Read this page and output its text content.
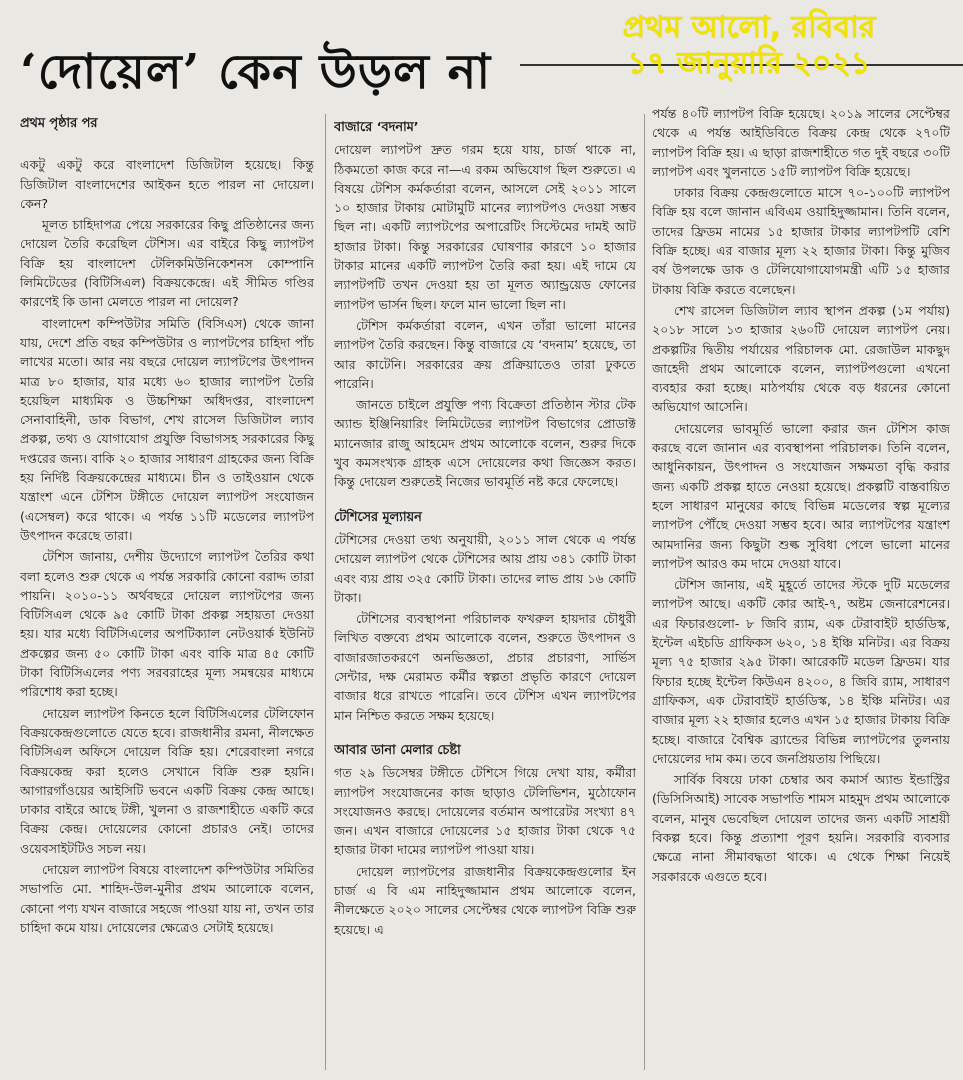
‘দোয়েল’ কেন উড়ল না
প্রথম আলো, রবিবার
১৭ জানুয়ারি ২০২১
প্রথম পৃষ্ঠার পর

একটু একটু করে বাংলাদেশ ডিজিটাল হয়েছে। কিন্তু ডিজিটাল বাংলাদেশের আইকন হতে পারল না দোয়েল। কেন?

মূলত চাহিদাপত্র পেয়ে সরকারের কিছু প্রতিষ্ঠানের জন্য দোয়েল তৈরি করেছিল টেশিস। এর বাইরে কিছু ল্যাপটপ বিক্রি হয় বাংলাদেশ টেলিকমিউনিকেশনস কোম্পানি লিমিটেডের (বিটিসিএল) বিক্রয়কেন্দ্রে। এই সীমিত গণ্ডির কারণেই কি ডানা মেলতে পারল না দোয়েল?

বাংলাদেশ কম্পিউটার সমিতি (বিসিএস) থেকে জানা যায়, দেশে প্রতি বছর কম্পিউটার ও ল্যাপটপের চাহিদা পাঁচ লাখের মতো। আর নয় বছরে দোয়েল ল্যাপটপের উৎপাদন মাত্র ৮০ হাজার, যার মধ্যে ৬০ হাজার ল্যাপটপ তৈরি হয়েছিল মাধ্যমিক ও উচ্চশিক্ষা অধিদপ্তর, বাংলাদেশ সেনাবাহিনী, ডাক বিভাগ, শেখ রাসেল ডিজিটাল ল্যাব প্রকল্প, তথ্য ও যোগাযোগ প্রযুক্তি বিভাগসহ সরকারের কিছু দপ্তরের জন্য। বাকি ২০ হাজার সাধারণ গ্রাহকের জন্য বিক্রি হয় নির্দিষ্ট বিক্রয়কেন্দ্রের মাধ্যমে। চীন ও তাইওয়ান থেকে যন্ত্রাংশ এনে টেশিস টঙ্গীতে দোয়েল ল্যাপটপ সংযোজন (এসেম্বল) করে থাকে। এ পর্যন্ত ১১টি মডেলের ল্যাপটপ উৎপাদন করেছে তারা।

টেশিস জানায়, দেশীয় উদ্যোগে ল্যাপটপ তৈরির কথা বলা হলেও শুরু থেকে এ পর্যন্ত সরকারি কোনো বরাদ্দ তারা পায়নি। ২০১০-১১ অর্থবছরে দোয়েল ল্যাপটপের জন্য বিটিসিএল থেকে ৯৫ কোটি টাকা প্রকল্প সহায়তা দেওয়া হয়। যার মধ্যে বিটিসিএলের অপটিক্যাল নেটওয়ার্ক ইউনিট প্রকল্পের জন্য ৫০ কোটি টাকা এবং বাকি মাত্র ৪৫ কোটি টাকা বিটিসিএলের পণ্য সরবরাহের মূল্য সমন্বয়ের মাধ্যমে পরিশোধ করা হচ্ছে।

দোয়েল ল্যাপটপ কিনতে হলে বিটিসিএলের টেলিফোন বিক্রয়কেন্দ্রগুলোতে যেতে হবে। রাজধানীর রমনা, নীলক্ষেত বিটিসিএল অফিসে দোয়েল বিক্রি হয়। শেরেবাংলা নগরে বিক্রয়কেন্দ্র করা হলেও সেখানে বিক্রি শুরু হয়নি। আগারগাঁওয়ের আইসিটি ভবনে একটি বিক্রয় কেন্দ্র আছে। ঢাকার বাইরে আছে টঙ্গী, খুলনা ও রাজশাহীতে একটি করে বিক্রয় কেন্দ্র। দোয়েলের কোনো প্রচারও নেই। তাদের ওয়েবসাইটটিও সচল নয়।

দোয়েল ল্যাপটপ বিষয়ে বাংলাদেশ কম্পিউটার সমিতির সভাপতি মো. শাহিদ-উল-মুনীর প্রথম আলোকে বলেন, কোনো পণ্য যখন বাজারে সহজে পাওয়া যায় না, তখন তার চাহিদা কমে যায়। দোয়েলের ক্ষেত্রেও সেটাই হয়েছে।

বাজারে ‘বদনাম’

দোয়েল ল্যাপটপ দ্রুত গরম হয়ে যায়, চার্জ থাকে না, ঠিকমতো কাজ করে না—এ রকম অভিযোগ ছিল শুরুতে। এ বিষয়ে টেশিস কর্মকর্তারা বলেন, আসলে সেই ২০১১ সালে ১০ হাজার টাকায় মোটামুটি মানের ল্যাপটপও দেওয়া সম্ভব ছিল না। একটি ল্যাপটপের অপারেটিং সিস্টেমের দামই আট হাজার টাকা। কিন্তু সরকারের ঘোষণার কারণে ১০ হাজার টাকার মানের একটি ল্যাপটপ তৈরি করা হয়। এই দামে যে ল্যাপটপটি তখন দেওয়া হয় তা মূলত অ্যান্ড্রয়েড ফোনের ল্যাপটপ ভার্সন ছিল। ফলে মান ভালো ছিল না।

টেশিস কর্মকর্তারা বলেন, এখন তাঁরা ভালো মানের ল্যাপটপ তৈরি করছেন। কিন্তু বাজারে যে ‘বদনাম’ হয়েছে, তা আর কাটেনি। সরকারের ক্রয় প্রক্রিয়াতেও তারা ঢুকতে পারেনি।

জানতে চাইলে প্রযুক্তি পণ্য বিক্রেতা প্রতিষ্ঠান স্টার টেক অ্যান্ড ইঞ্জিনিয়ারিং লিমিটেডের ল্যাপটপ বিভাগের প্রোডাক্ট ম্যানেজার রাজু আহমেদ প্রথম আলোকে বলেন, শুরুর দিকে খুব কমসংখ্যক গ্রাহক এসে দোয়েলের কথা জিজ্ঞেস করত। কিন্তু দোয়েল শুরুতেই নিজের ভাবমূর্তি নষ্ট করে ফেলেছে।

টেশিসের মূল্যায়ন

টেশিসের দেওয়া তথ্য অনুযায়ী, ২০১১ সাল থেকে এ পর্যন্ত দোয়েল ল্যাপটপ থেকে টেশিসের আয় প্রায় ৩৪১ কোটি টাকা এবং ব্যয় প্রায় ৩২৫ কোটি টাকা। তাদের লাভ প্রায় ১৬ কোটি টাকা।

টেশিসের ব্যবস্থাপনা পরিচালক ফখরুল হায়দার চৌধুরী লিখিত বক্তব্যে প্রথম আলোকে বলেন, শুরুতে উৎপাদন ও বাজারজাতকরণে অনভিজ্ঞতা, প্রচার প্রচারণা, সার্ভিস সেন্টার, দক্ষ মেরামত কর্মীর স্বল্পতা প্রভৃতি কারণে দোয়েল বাজার ধরে রাখতে পারেনি। তবে টেশিস এখন ল্যাপটপের মান নিশ্চিত করতে সক্ষম হয়েছে।

আবার ডানা মেলার চেষ্টা

গত ২৯ ডিসেম্বর টঙ্গীতে টেশিসে গিয়ে দেখা যায়, কর্মীরা ল্যাপটপ সংযোজনের কাজ ছাড়াও টেলিভিশন, মুঠোফোন সংযোজনও করছে। দোয়েলের বর্তমান অপারেটর সংখ্যা ৪৭ জন। এখন বাজারে দোয়েলের ১৫ হাজার টাকা থেকে ৭৫ হাজার টাকা দামের ল্যাপটপ পাওয়া যায়।

দোয়েল ল্যাপটপের রাজধানীর বিক্রয়কেন্দ্রগুলোর ইন চার্জ এ বি এম নাহিদুজ্জামান প্রথম আলোকে বলেন, নীলক্ষেতে ২০২০ সালের সেপ্টেম্বর থেকে ল্যাপটপ বিক্রি শুরু হয়েছে। এ

পর্যন্ত ৪০টি ল্যাপটপ বিক্রি হয়েছে। ২০১৯ সালের সেপ্টেম্বর থেকে এ পর্যন্ত আইডিবিতে বিক্রয় কেন্দ্র থেকে ২৭০টি ল্যাপটপ বিক্রি হয়। এ ছাড়া রাজশাহীতে গত দুই বছরে ৩০টি ল্যাপটপ এবং খুলনাতে ১৫টি ল্যাপটপ বিক্রি হয়েছে।

ঢাকার বিক্রয় কেন্দ্রগুলোতে মাসে ৭০-১০০টি ল্যাপটপ বিক্রি হয় বলে জানান এবিএম ওয়াহিদুজ্জামান। তিনি বলেন, তাদের ফ্রিডম নামের ১৫ হাজার টাকার ল্যাপটপটি বেশি বিক্রি হচ্ছে। এর বাজার মূল্য ২২ হাজার টাকা। কিন্তু মুজিব বর্ষ উপলক্ষে ডাক ও টেলিযোগাযোগমন্ত্রী এটি ১৫ হাজার টাকায় বিক্রি করতে বলেছেন।

শেখ রাসেল ডিজিটাল ল্যাব স্থাপন প্রকল্প (১ম পর্যায়) ২০১৮ সালে ১৩ হাজার ২৬০টি দোয়েল ল্যাপটপ নেয়। প্রকল্পটির দ্বিতীয় পর্যায়ের পরিচালক মো. রেজাউল মাকছুদ জাহেদী প্রথম আলোকে বলেন, ল্যাপটপগুলো এখনো ব্যবহার করা হচ্ছে। মাঠপর্যায় থেকে বড় ধরনের কোনো অভিযোগ আসেনি।

দোয়েলের ভাবমূর্তি ভালো করার জন টেশিস কাজ করছে বলে জানান এর ব্যবস্থাপনা পরিচালক। তিনি বলেন, আধুনিকায়ন, উৎপাদন ও সংযোজন সক্ষমতা বৃদ্ধি করার জন্য একটি প্রকল্প হাতে নেওয়া হয়েছে। প্রকল্পটি বাস্তবায়িত হলে সাধারণ মানুষের কাছে বিভিন্ন মডেলের স্বল্প মূল্যের ল্যাপটপ পৌঁছে দেওয়া সম্ভব হবে। আর ল্যাপটপের যন্ত্রাংশ আমদানির জন্য কিছুটা শুল্ক সুবিধা পেলে ভালো মানের ল্যাপটপ আরও কম দামে দেওয়া যাবে।

টেশিস জানায়, এই মুহূর্তে তাদের স্টকে দুটি মডেলের ল্যাপটপ আছে। একটি কোর আই-৭, অষ্টম জেনারেশনের। এর ফিচারগুলো- ৮ জিবি র‍্যাম, এক টেরাবাইট হার্ডডিস্ক, ইন্টেল এইচডি গ্রাফিকস ৬২০, ১৪ ইঞ্চি মনিটর। এর বিক্রয় মূল্য ৭৫ হাজার ২৯৫ টাকা। আরেকটি মডেল ফ্রিডম। যার ফিচার হচ্ছে ইন্টেল কিউএন ৪২০০, ৪ জিবি র‍্যাম, সাধারণ গ্রাফিকস, এক টেরাবাইট হার্ডডিস্ক, ১৪ ইঞ্চি মনিটর। এর বাজার মূল্য ২২ হাজার হলেও এখন ১৫ হাজার টাকায় বিক্রি হচ্ছে। বাজারে বৈশ্বিক ব্র্যান্ডের বিভিন্ন ল্যাপটপের তুলনায় দোয়েলের দাম কম। তবে জনপ্রিয়তায় পিছিয়ে।

সার্বিক বিষয়ে ঢাকা চেম্বার অব কমার্স অ্যান্ড ইন্ডাস্ট্রির (ডিসিসিআই) সাবেক সভাপতি শামস মাহমুদ প্রথম আলোকে বলেন, মানুষ ভেবেছিল দোয়েল তাদের জন্য একটি সাশ্রয়ী বিকল্প হবে। কিন্তু প্রত্যাশা পূরণ হয়নি। সরকারি ব্যবসার ক্ষেত্রে নানা সীমাবদ্ধতা থাকে। এ থেকে শিক্ষা নিয়েই সরকারকে এগুতে হবে।
